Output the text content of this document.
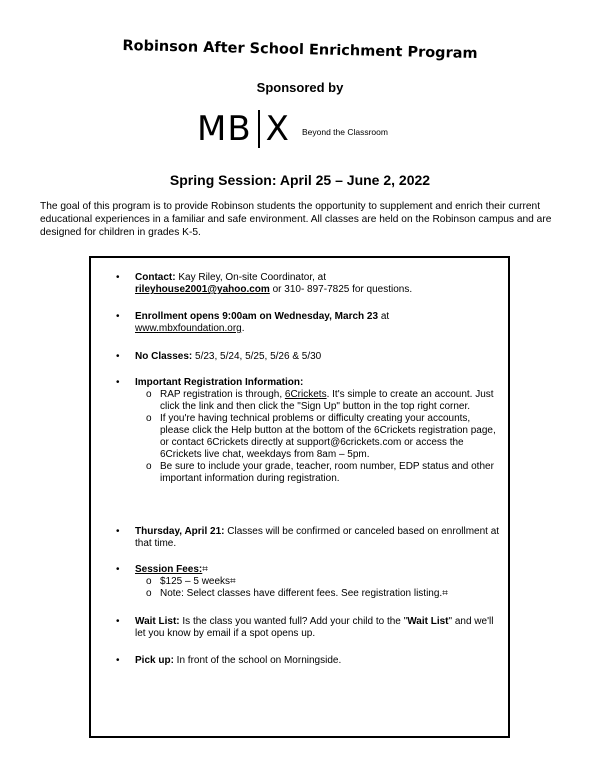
Robinson After School Enrichment Program
Sponsored by
MB X Beyond the Classroom
Spring Session: April 25 – June 2, 2022
The goal of this program is to provide Robinson students the opportunity to supplement and enrich their current educational experiences in a familiar and safe environment. All classes are held on the Robinson campus and are designed for children in grades K-5.
• Contact: Kay Riley, On-site Coordinator, at
rileyhouse2001@yahoo.com or 310- 897-7825 for questions.
• Enrollment opens 9:00am on Wednesday, March 23 at
www.mbxfoundation.org.
• No Classes: 5/23, 5/24, 5/25, 5/26 & 5/30
• Important Registration Information:
o RAP registration is through, 6Crickets. It's simple to create an account. Just click the link and then click the "Sign Up" button in the top right corner.
o If you're having technical problems or difficulty creating your accounts, please click the Help button at the bottom of the 6Crickets registration page, or contact 6Crickets directly at support@6crickets.com or access the 6Crickets live chat, weekdays from 8am – 5pm.
o Be sure to include your grade, teacher, room number, EDP status and other important information during registration.
• Thursday, April 21: Classes will be confirmed or canceled based on enrollment at that time.
• Session Fees:⌗
o $125 – 5 weeks⌗
o Note: Select classes have different fees. See registration listing.⌗
• Wait List: Is the class you wanted full? Add your child to the "Wait List" and we'll let you know by email if a spot opens up.
• Pick up: In front of the school on Morningside.
